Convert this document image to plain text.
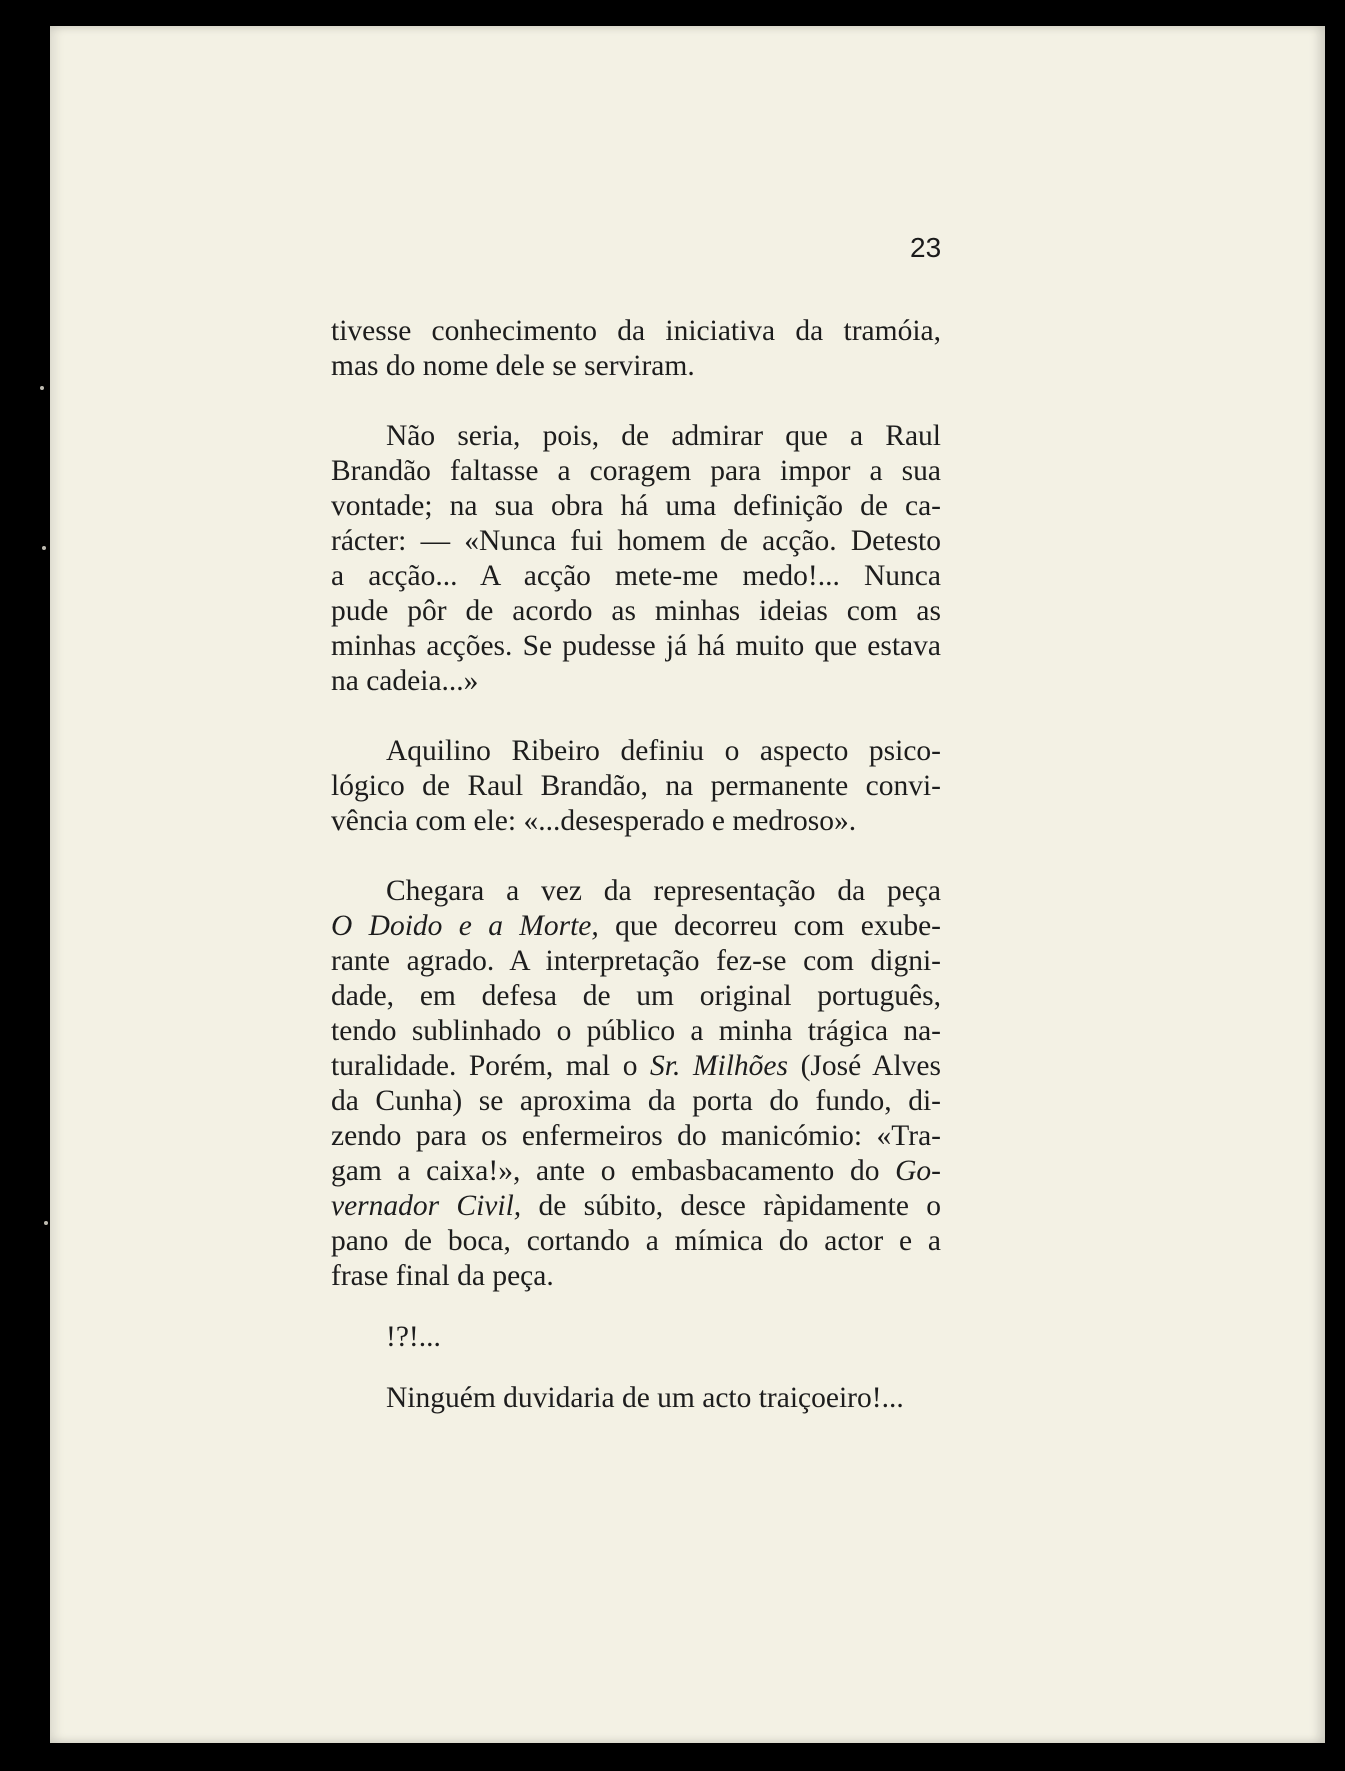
23
tivesse conhecimento da iniciativa da tramóia,
mas do nome dele se serviram.
Não seria, pois, de admirar que a Raul
Brandão faltasse a coragem para impor a sua
vontade; na sua obra há uma definição de ca-
rácter: — «Nunca fui homem de acção. Detesto
a acção... A acção mete-me medo!... Nunca
pude pôr de acordo as minhas ideias com as
minhas acções. Se pudesse já há muito que estava
na cadeia...»
Aquilino Ribeiro definiu o aspecto psico-
lógico de Raul Brandão, na permanente convi-
vência com ele: «...desesperado e medroso».
Chegara a vez da representação da peça
O Doido e a Morte, que decorreu com exube-
rante agrado. A interpretação fez-se com digni-
dade, em defesa de um original português,
tendo sublinhado o público a minha trágica na-
turalidade. Porém, mal o Sr. Milhões (José Alves
da Cunha) se aproxima da porta do fundo, di-
zendo para os enfermeiros do manicómio: «Tra-
gam a caixa!», ante o embasbacamento do Go-
vernador Civil, de súbito, desce ràpidamente o
pano de boca, cortando a mímica do actor e a
frase final da peça.
!?!...
Ninguém duvidaria de um acto traiçoeiro!...
